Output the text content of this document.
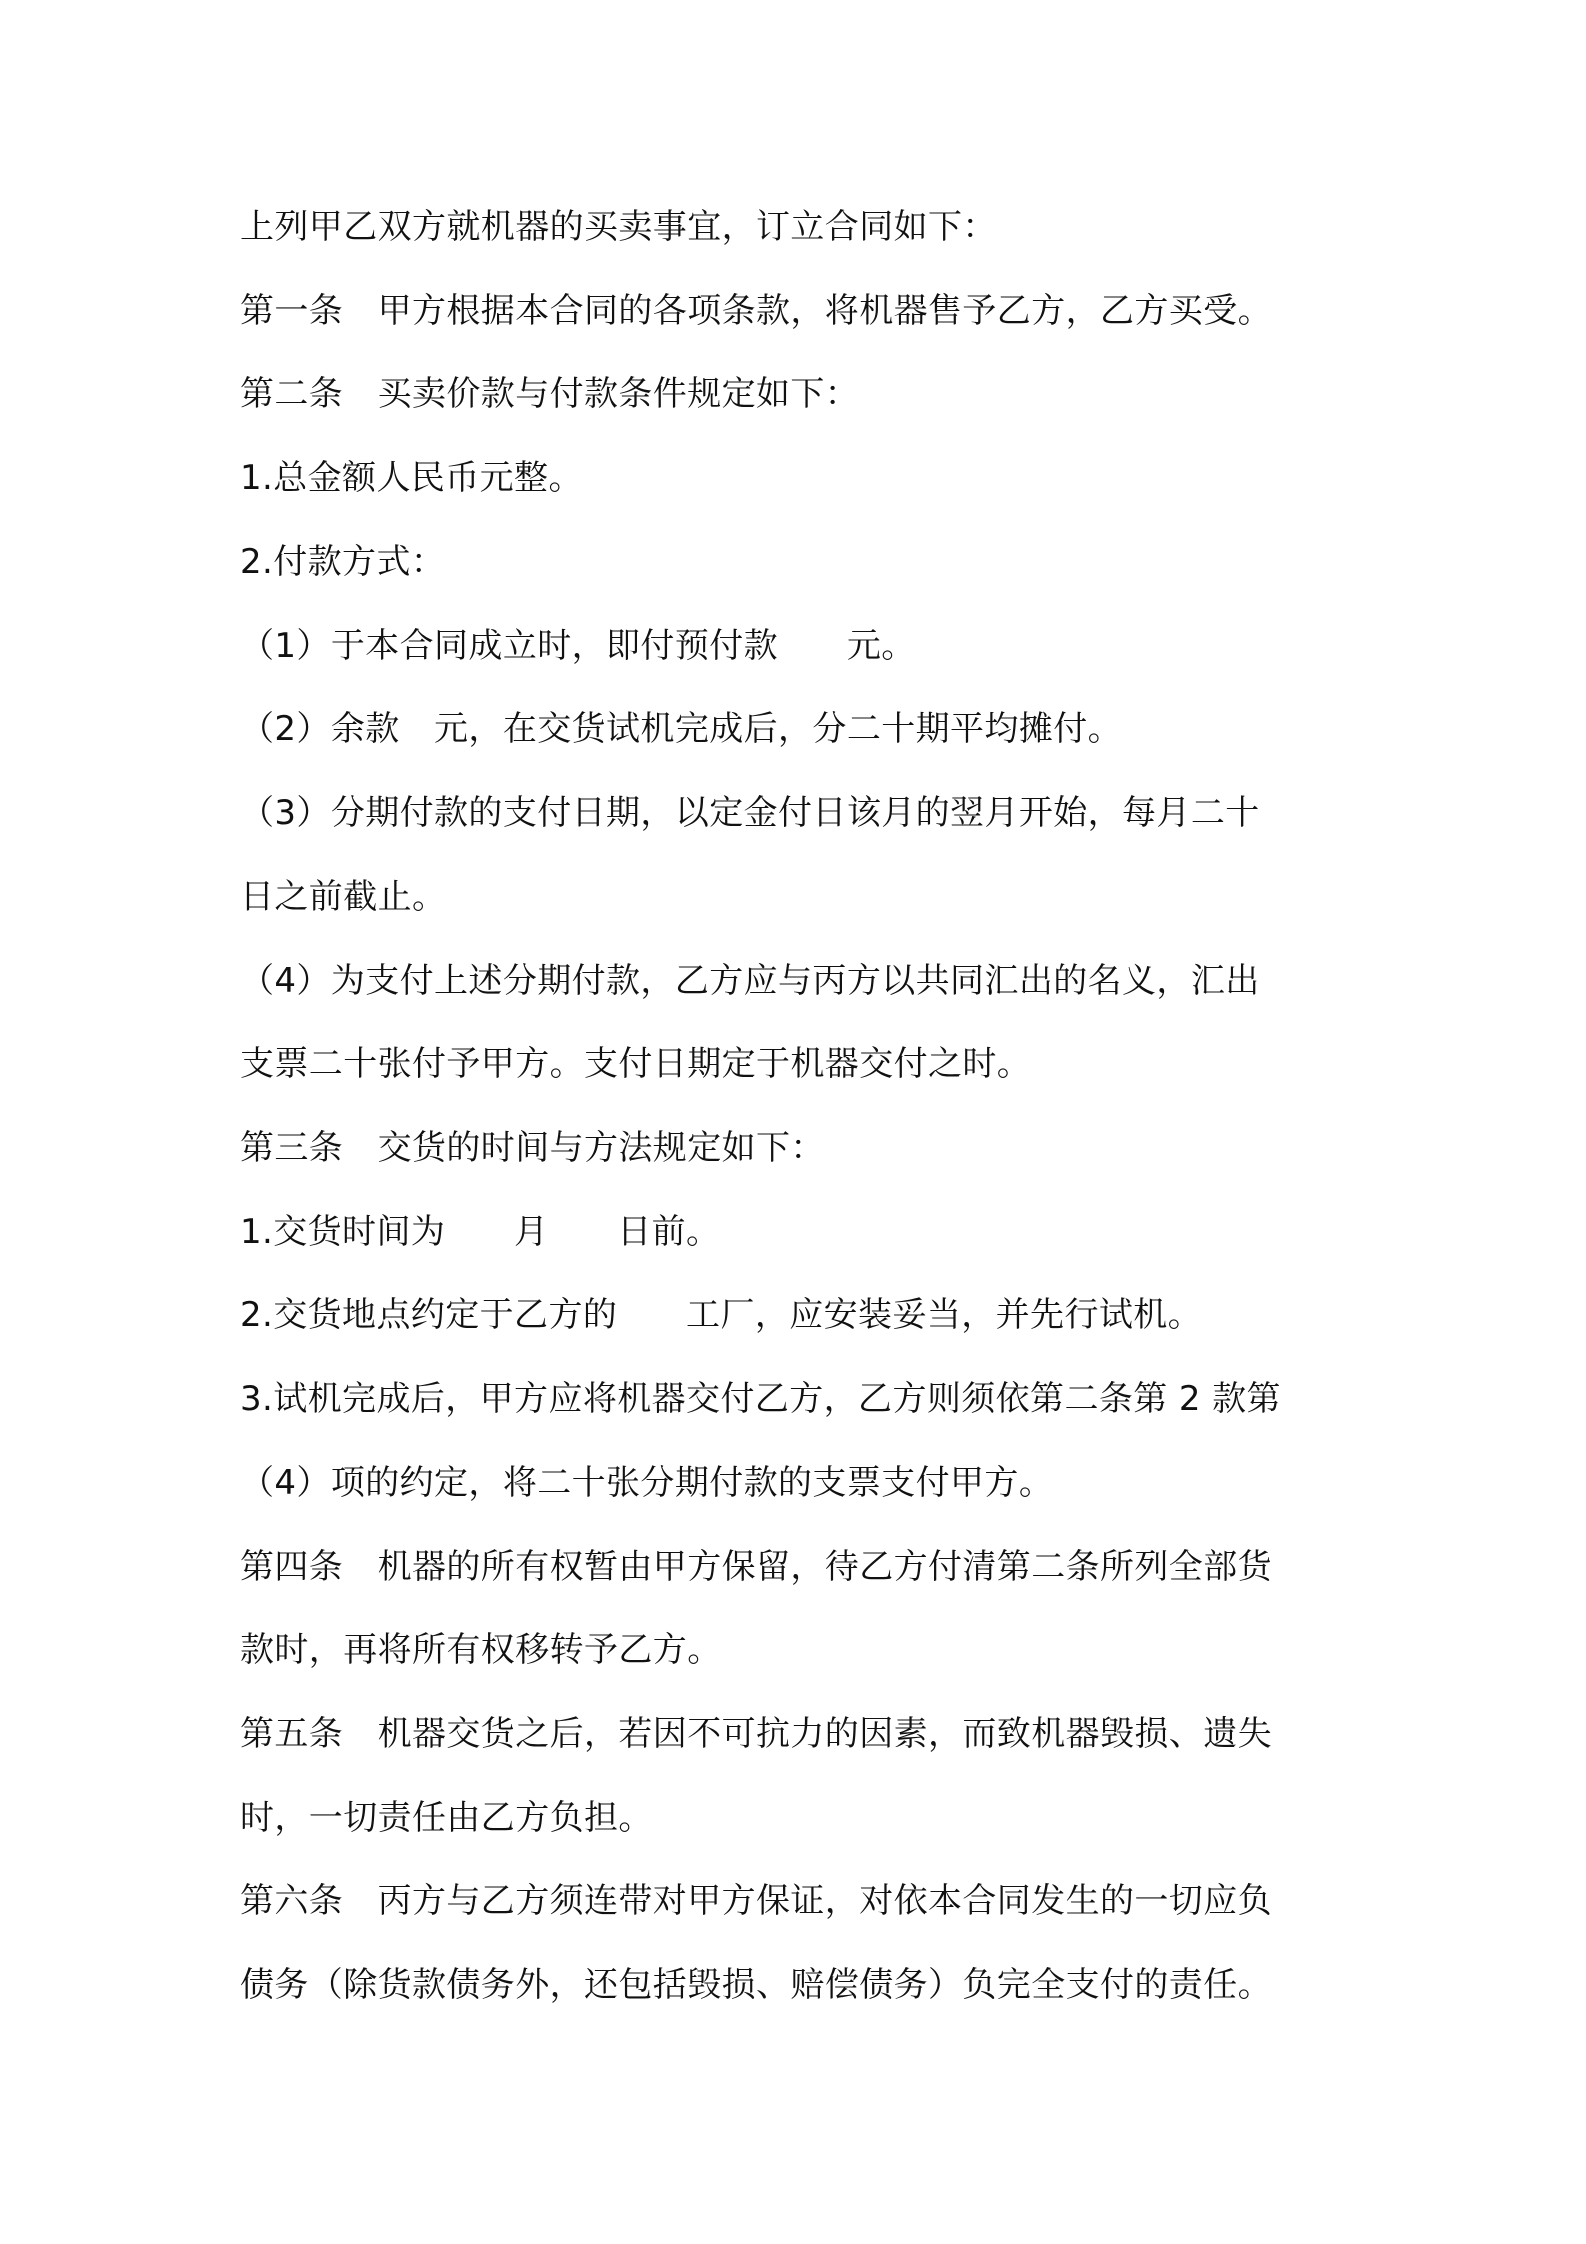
上列甲乙双方就机器的买卖事宜，订立合同如下：
第一条　甲方根据本合同的各项条款，将机器售予乙方，乙方买受。
第二条　买卖价款与付款条件规定如下：
1.总金额人民币元整。
2.付款方式：
（1）于本合同成立时，即付预付款　　元。
（2）余款　元，在交货试机完成后，分二十期平均摊付。
（3）分期付款的支付日期，以定金付日该月的翌月开始，每月二十
日之前截止。
（4）为支付上述分期付款，乙方应与丙方以共同汇出的名义，汇出
支票二十张付予甲方。支付日期定于机器交付之时。
第三条　交货的时间与方法规定如下：
1.交货时间为　　月　　日前。
2.交货地点约定于乙方的　　工厂，应安装妥当，并先行试机。
3.试机完成后，甲方应将机器交付乙方，乙方则须依第二条第 2 款第
（4）项的约定，将二十张分期付款的支票支付甲方。
第四条　机器的所有权暂由甲方保留，待乙方付清第二条所列全部货
款时，再将所有权移转予乙方。
第五条　机器交货之后，若因不可抗力的因素，而致机器毁损、遗失
时，一切责任由乙方负担。
第六条　丙方与乙方须连带对甲方保证，对依本合同发生的一切应负
债务（除货款债务外，还包括毁损、赔偿债务）负完全支付的责任。
